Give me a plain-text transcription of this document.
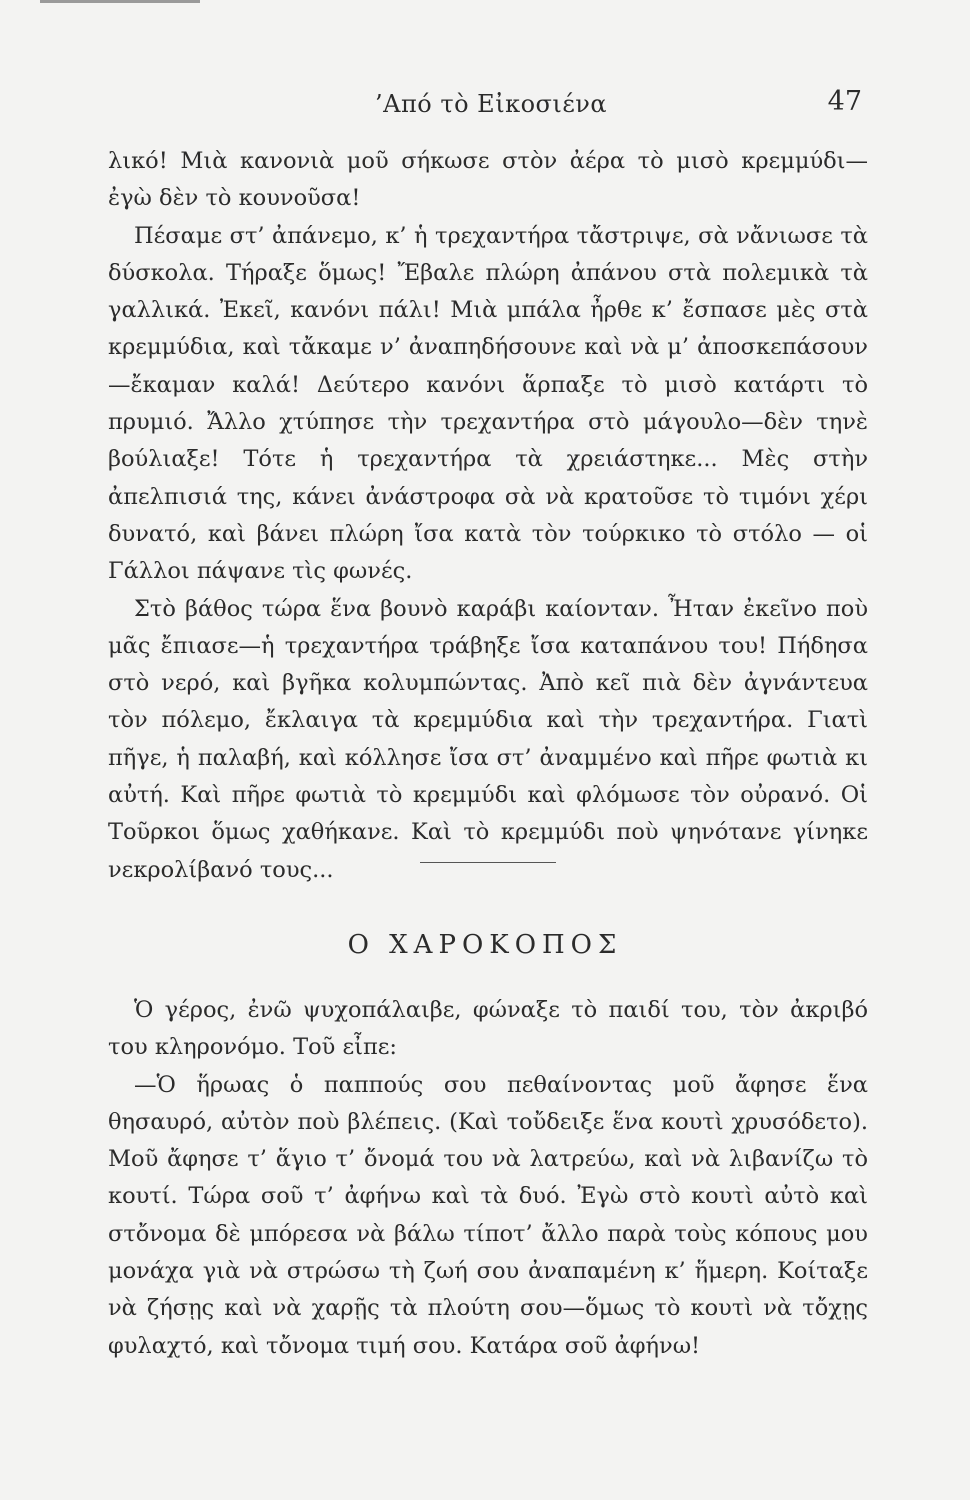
’Από τὸ Εἰκοσιένα	47

λικό! Μιὰ κανονιὰ μοῦ σήκωσε στὸν ἀέρα τὸ μισὸ κρεμμύδι— ἐγὼ δὲν τὸ κουνοῦσα!

Πέσαμε στ’ ἀπάνεμο, κ’ ἡ τρεχαντήρα τἄστριψε, σὰ νἄνιωσε τὰ δύσκολα. Τήραξε ὅμως! Ἔβαλε πλώρη ἀπάνου στὰ πολεμικὰ τὰ γαλλικά. Ἐκεῖ, κανόνι πάλι! Μιὰ μπάλα ἦρθε κ’ ἔσπασε μὲς στὰ κρεμμύδια, καὶ τἄκαμε ν’ ἀναπηδήσουνε καὶ νὰ μ’ ἀποσκεπάσουν —ἔκαμαν καλά! Δεύτερο κανόνι ἅρπαξε τὸ μισὸ κατάρτι τὸ πρυμιό. Ἄλλο χτύπησε τὴν τρεχαντήρα στὸ μάγουλο—δὲν τηνὲ βούλιαξε! Τότε ἡ τρεχαντήρα τὰ χρειάστηκε... Μὲς στὴν ἀπελπισιά της, κάνει ἀνάστροφα σὰ νὰ κρατοῦσε τὸ τιμόνι χέρι δυνατό, καὶ βάνει πλώρη ἴσα κατὰ τὸν τούρκικο τὸ στόλο — οἱ Γάλλοι πάψανε τὶς φωνές.

Στὸ βάθος τώρα ἕνα βουνὸ καράβι καίονταν. Ἦταν ἐκεῖνο ποὺ μᾶς ἔπιασε—ἡ τρεχαντήρα τράβηξε ἴσα καταπάνου του! Πήδησα στὸ νερό, καὶ βγῆκα κολυμπώντας. Ἀπὸ κεῖ πιὰ δὲν ἀγνάντευα τὸν πόλεμο, ἔκλαιγα τὰ κρεμμύδια καὶ τὴν τρεχαντήρα. Γιατὶ πῆγε, ἡ παλαβή, καὶ κόλλησε ἴσα στ’ ἀναμμένο καὶ πῆρε φωτιὰ κι αὐτή. Καὶ πῆρε φωτιὰ τὸ κρεμμύδι καὶ φλόμωσε τὸν οὐρανό. Οἱ Τοῦρκοι ὅμως χαθήκανε. Καὶ τὸ κρεμμύδι ποὺ ψηνότανε γίνηκε νεκρολίβανό τους...

Ο ΧΑΡΟΚΟΠΟΣ

Ὁ γέρος, ἐνῶ ψυχοπάλαιβε, φώναξε τὸ παιδί του, τὸν ἀκριβό του κληρονόμο. Τοῦ εἶπε:

—Ὁ ἥρωας ὁ παππούς σου πεθαίνοντας μοῦ ἄφησε ἕνα θησαυρό, αὐτὸν ποὺ βλέπεις. (Καὶ τοὔδειξε ἕνα κουτὶ χρυσόδετο). Μοῦ ἄφησε τ’ ἅγιο τ’ ὄνομά του νὰ λατρεύω, καὶ νὰ λιβανίζω τὸ κουτί. Τώρα σοῦ τ’ ἀφήνω καὶ τὰ δυό. Ἐγὼ στὸ κουτὶ αὐτὸ καὶ στὄνομα δὲ μπόρεσα νὰ βάλω τίποτ’ ἄλλο παρὰ τοὺς κόπους μου μονάχα γιὰ νὰ στρώσω τὴ ζωή σου ἀναπαμένη κ’ ἥμερη. Κοίταξε νὰ ζήσῃς καὶ νὰ χαρῇς τὰ πλούτη σου—ὅμως τὸ κουτὶ νὰ τὄχῃς φυλαχτό, καὶ τὄνομα τιμή σου. Κατάρα σοῦ ἀφήνω!
